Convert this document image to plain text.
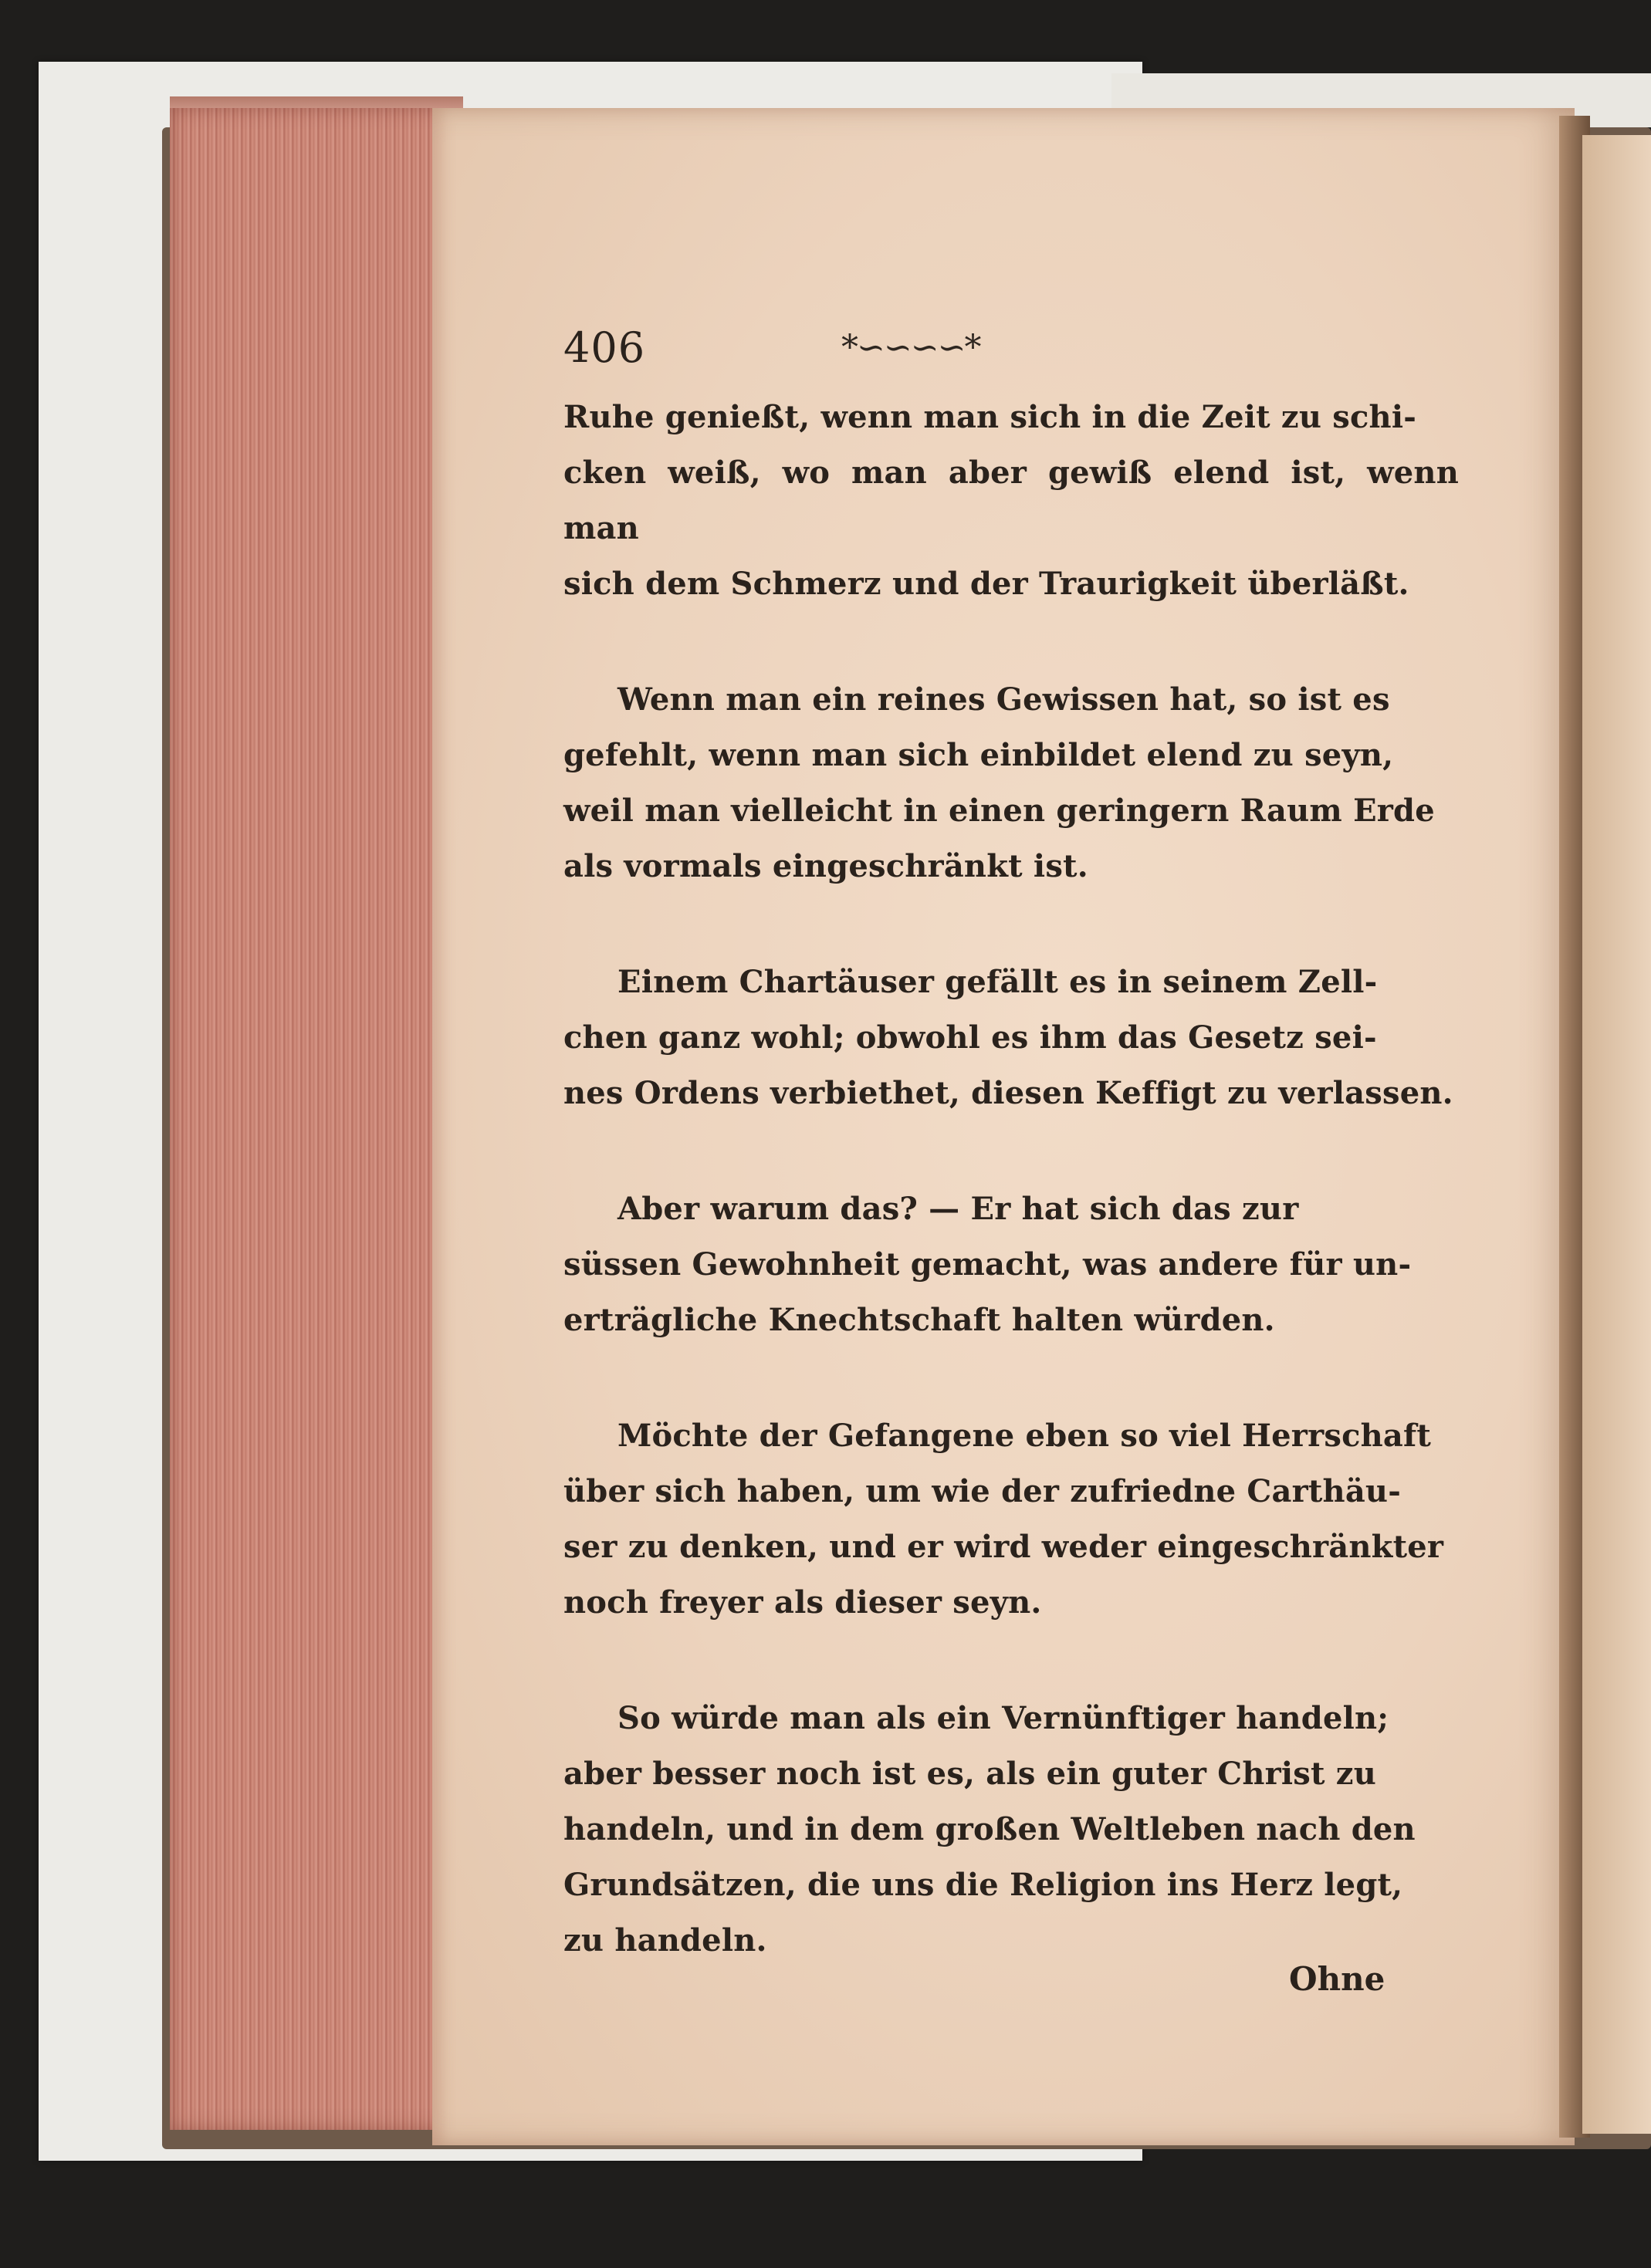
406	*∽∽∽∽*

Ruhe genießt, wenn man sich in die Zeit zu schi-
cken weiß, wo man aber gewiß elend ist, wenn man
sich dem Schmerz und der Traurigkeit überläßt.

Wenn man ein reines Gewissen hat, so ist es
gefehlt, wenn man sich einbildet elend zu seyn,
weil man vielleicht in einen geringern Raum Erde
als vormals eingeschränkt ist.

Einem Chartäuser gefällt es in seinem Zell-
chen ganz wohl; obwohl es ihm das Gesetz sei-
nes Ordens verbiethet, diesen Keffigt zu verlassen.

Aber warum das? — Er hat sich das zur
süssen Gewohnheit gemacht, was andere für un-
erträgliche Knechtschaft halten würden.

Möchte der Gefangene eben so viel Herrschaft
über sich haben, um wie der zufriedne Carthäu-
ser zu denken, und er wird weder eingeschränkter
noch freyer als dieser seyn.

So würde man als ein Vernünftiger handeln;
aber besser noch ist es, als ein guter Christ zu
handeln, und in dem großen Weltleben nach den
Grundsätzen, die uns die Religion ins Herz legt,
zu handeln.

Ohne
